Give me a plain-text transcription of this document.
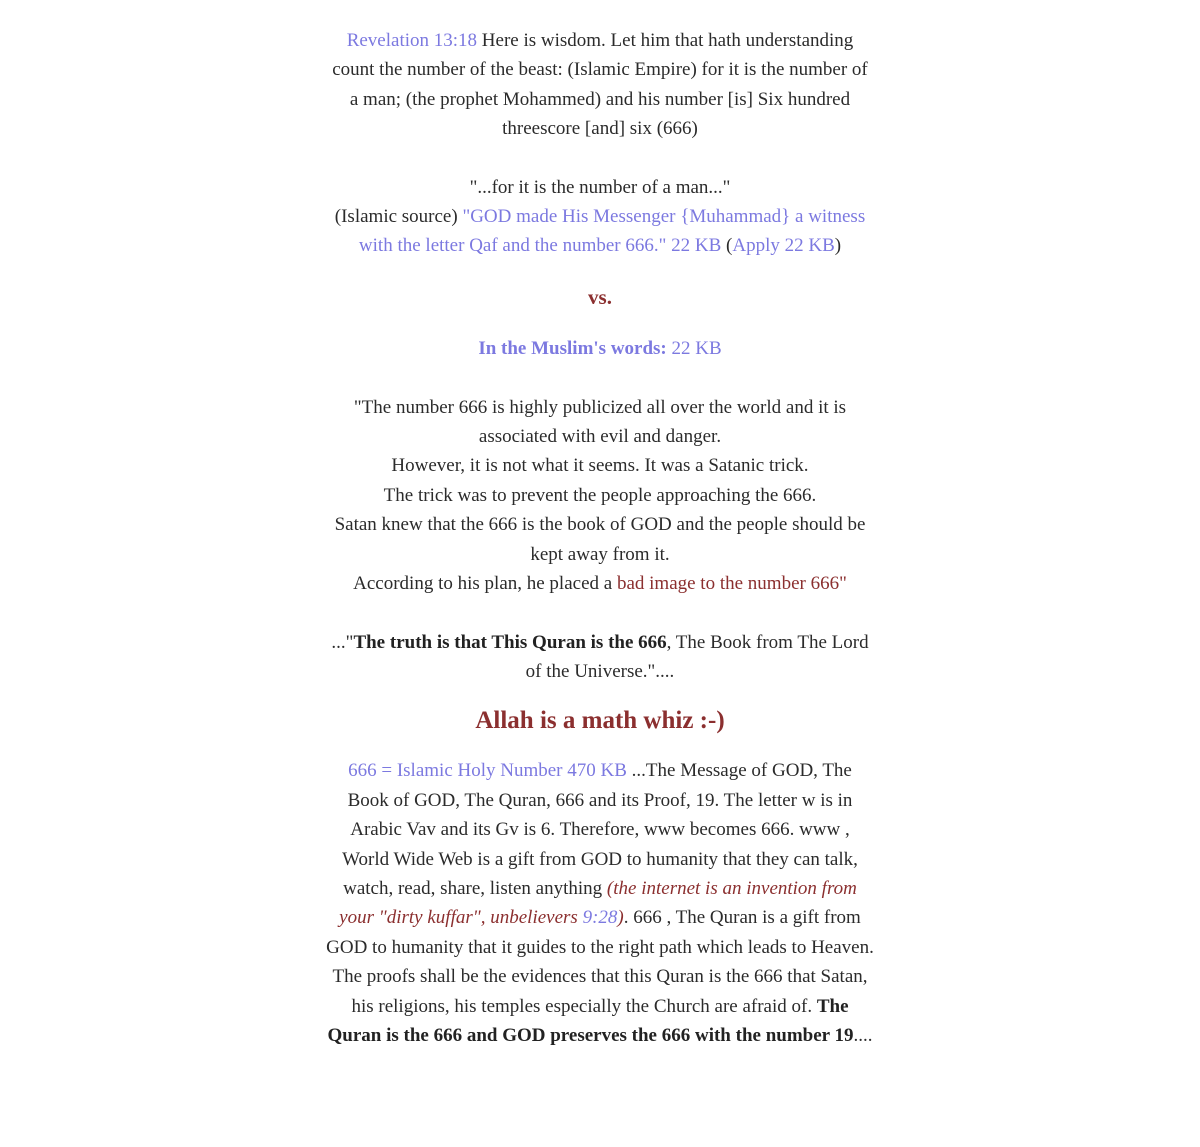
Revelation 13:18 Here is wisdom. Let him that hath understanding count the number of the beast: (Islamic Empire) for it is the number of a man; (the prophet Mohammed) and his number [is] Six hundred threescore [and] six (666)

"...for it is the number of a man..."

(Islamic source) "GOD made His Messenger {Muhammad} a witness with the letter Qaf and the number 666." 22 KB (Apply 22 KB)

vs.

In the Muslim's words: 22 KB

"The number 666 is highly publicized all over the world and it is associated with evil and danger.

However, it is not what it seems. It was a Satanic trick.

The trick was to prevent the people approaching the 666.

Satan knew that the 666 is the book of GOD and the people should be kept away from it.

According to his plan, he placed a bad image to the number 666"

..."The truth is that This Quran is the 666, The Book from The Lord of the Universe."....

Allah is a math whiz :-)

666 = Islamic Holy Number 470 KB ...The Message of GOD, The Book of GOD, The Quran, 666 and its Proof, 19. The letter w is in Arabic Vav and its Gv is 6. Therefore, www becomes 666. www , World Wide Web is a gift from GOD to humanity that they can talk, watch, read, share, listen anything (the internet is an invention from your "dirty kuffar", unbelievers 9:28). 666 , The Quran is a gift from GOD to humanity that it guides to the right path which leads to Heaven. The proofs shall be the evidences that this Quran is the 666 that Satan, his religions, his temples especially the Church are afraid of. The Quran is the 666 and GOD preserves the 666 with the number 19....
